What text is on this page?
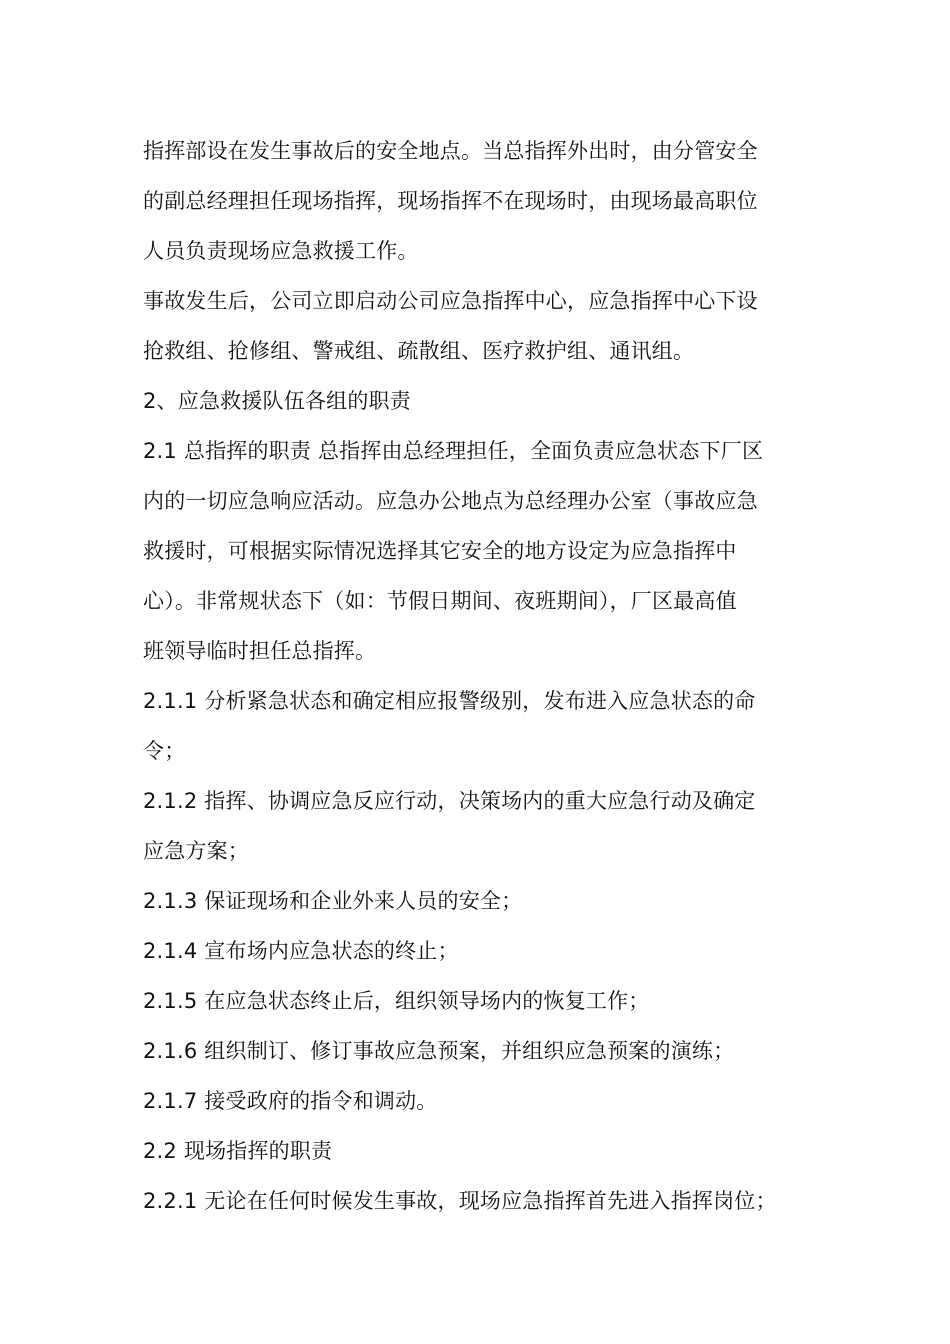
指挥部设在发生事故后的安全地点。当总指挥外出时，由分管安全
的副总经理担任现场指挥，现场指挥不在现场时，由现场最高职位
人员负责现场应急救援工作。
事故发生后，公司立即启动公司应急指挥中心，应急指挥中心下设
抢救组、抢修组、警戒组、疏散组、医疗救护组、通讯组。
2、应急救援队伍各组的职责
2.1 总指挥的职责 总指挥由总经理担任，全面负责应急状态下厂区
内的一切应急响应活动。应急办公地点为总经理办公室（事故应急
救援时，可根据实际情况选择其它安全的地方设定为应急指挥中
心）。非常规状态下（如：节假日期间、夜班期间），厂区最高值
班领导临时担任总指挥。
2.1.1 分析紧急状态和确定相应报警级别，发布进入应急状态的命
令；
2.1.2 指挥、协调应急反应行动，决策场内的重大应急行动及确定
应急方案；
2.1.3 保证现场和企业外来人员的安全；
2.1.4 宣布场内应急状态的终止；
2.1.5 在应急状态终止后，组织领导场内的恢复工作；
2.1.6 组织制订、修订事故应急预案，并组织应急预案的演练；
2.1.7 接受政府的指令和调动。
2.2 现场指挥的职责
2.2.1 无论在任何时候发生事故，现场应急指挥首先进入指挥岗位；
